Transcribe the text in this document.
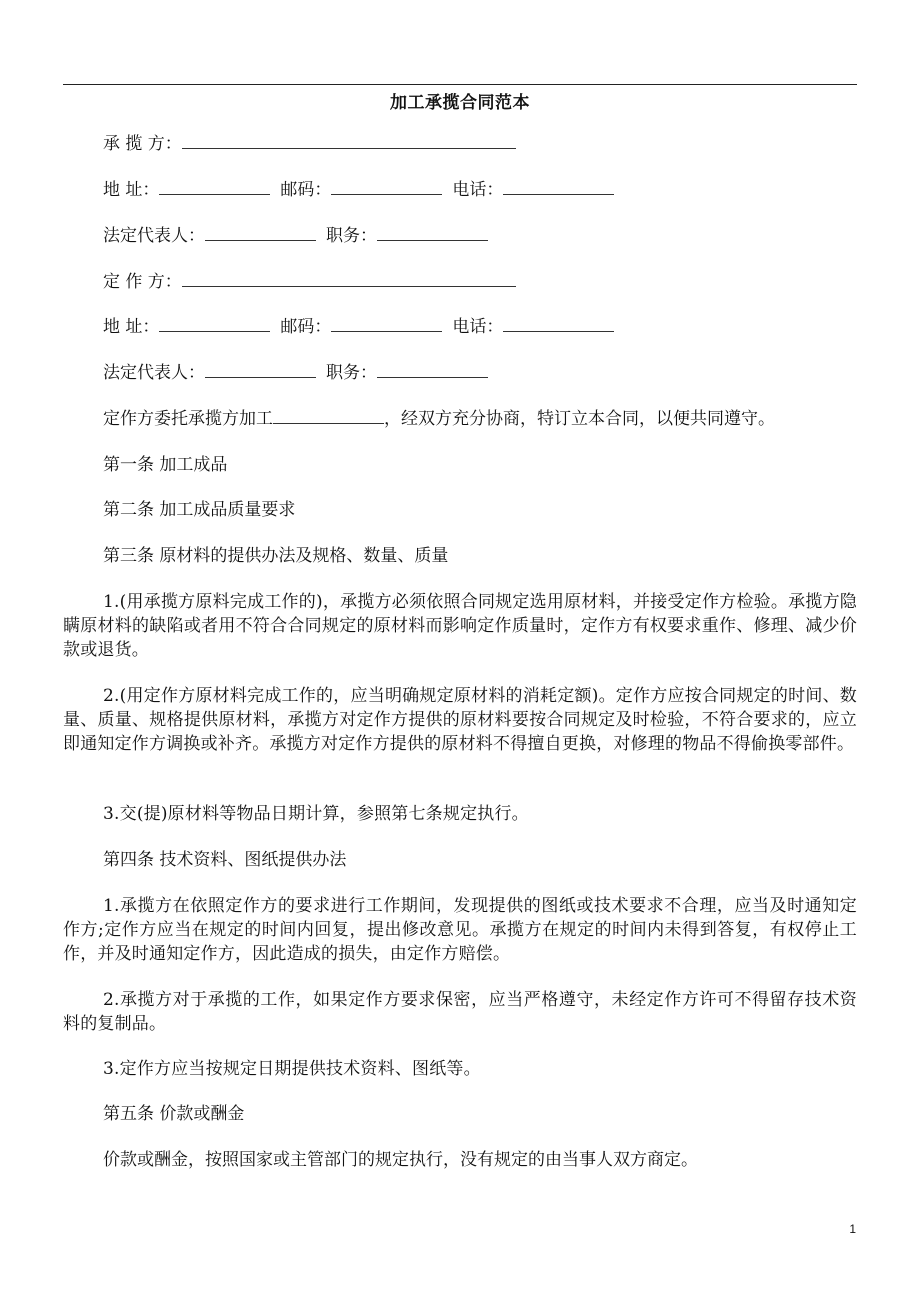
加工承揽合同范本
承 揽 方：
地 址：	邮码：	电话：
法定代表人：	职务：
定 作 方：
地 址：	邮码：	电话：
法定代表人：	职务：
定作方委托承揽方加工	，经双方充分协商，特订立本合同，以便共同遵守。
第一条 加工成品
第二条 加工成品质量要求
第三条 原材料的提供办法及规格、数量、质量
1.(用承揽方原料完成工作的)，承揽方必须依照合同规定选用原材料，并接受定作方检验。承揽方隐瞒原材料的缺陷或者用不符合合同规定的原材料而影响定作质量时，定作方有权要求重作、修理、减少价款或退货。
2.(用定作方原材料完成工作的，应当明确规定原材料的消耗定额)。定作方应按合同规定的时间、数量、质量、规格提供原材料，承揽方对定作方提供的原材料要按合同规定及时检验，不符合要求的，应立即通知定作方调换或补齐。承揽方对定作方提供的原材料不得擅自更换，对修理的物品不得偷换零部件。
3.交(提)原材料等物品日期计算，参照第七条规定执行。
第四条 技术资料、图纸提供办法
1.承揽方在依照定作方的要求进行工作期间，发现提供的图纸或技术要求不合理，应当及时通知定作方;定作方应当在规定的时间内回复，提出修改意见。承揽方在规定的时间内未得到答复，有权停止工作，并及时通知定作方，因此造成的损失，由定作方赔偿。
2.承揽方对于承揽的工作，如果定作方要求保密，应当严格遵守，未经定作方许可不得留存技术资料的复制品。
3.定作方应当按规定日期提供技术资料、图纸等。
第五条 价款或酬金
价款或酬金，按照国家或主管部门的规定执行，没有规定的由当事人双方商定。
1
